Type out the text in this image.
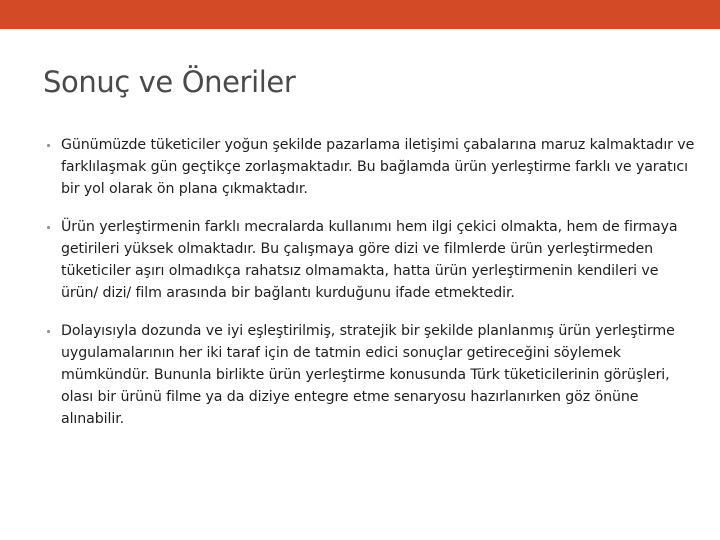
Sonuç ve Öneriler
Günümüzde tüketiciler yoğun şekilde pazarlama iletişimi çabalarına maruz kalmaktadır ve farklılaşmak gün geçtikçe zorlaşmaktadır. Bu bağlamda ürün yerleştirme farklı ve yaratıcı bir yol olarak ön plana çıkmaktadır.
Ürün yerleştirmenin farklı mecralarda kullanımı hem ilgi çekici olmakta, hem de firmaya getirileri yüksek olmaktadır. Bu çalışmaya göre dizi ve filmlerde ürün yerleştirmeden tüketiciler aşırı olmadıkça rahatsız olmamakta, hatta ürün yerleştirmenin kendileri ve ürün/ dizi/ film arasında bir bağlantı kurduğunu ifade etmektedir.
Dolayısıyla dozunda ve iyi eşleştirilmiş, stratejik bir şekilde planlanmış ürün yerleştirme uygulamalarının her iki taraf için de tatmin edici sonuçlar getireceğini söylemek mümkündür. Bununla birlikte ürün yerleştirme konusunda Türk tüketicilerinin görüşleri, olası bir ürünü filme ya da diziye entegre etme senaryosu hazırlanırken göz önüne alınabilir.
